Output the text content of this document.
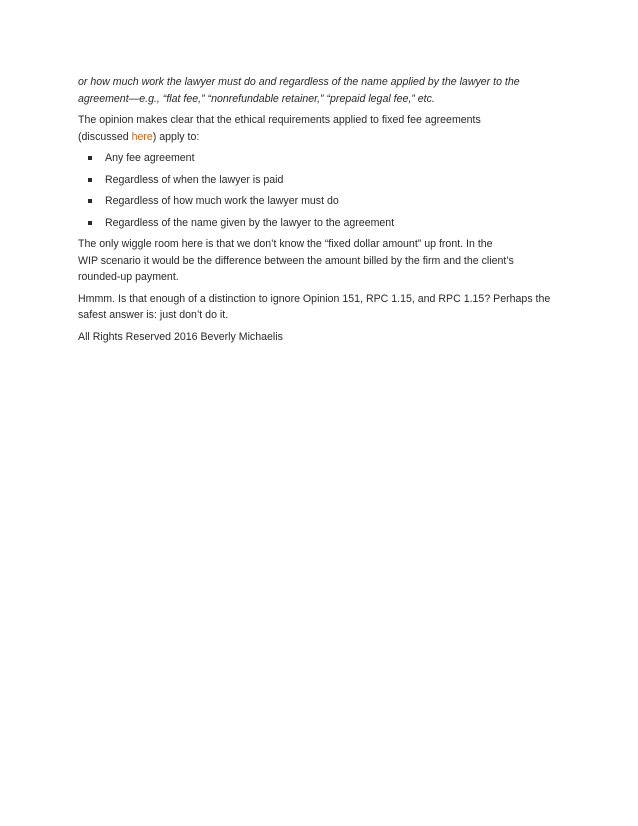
or how much work the lawyer must do and regardless of the name applied by the lawyer to the
agreement—e.g., “flat fee,” “nonrefundable retainer,” “prepaid legal fee,” etc.
The opinion makes clear that the ethical requirements applied to fixed fee agreements
(discussed here) apply to:
Any fee agreement
Regardless of when the lawyer is paid
Regardless of how much work the lawyer must do
Regardless of the name given by the lawyer to the agreement
The only wiggle room here is that we don’t know the “fixed dollar amount” up front. In the
WIP scenario it would be the difference between the amount billed by the firm and the client’s
rounded-up payment.
Hmmm. Is that enough of a distinction to ignore Opinion 151, RPC 1.15, and RPC 1.15? Perhaps the
safest answer is: just don’t do it.
All Rights Reserved 2016 Beverly Michaelis
